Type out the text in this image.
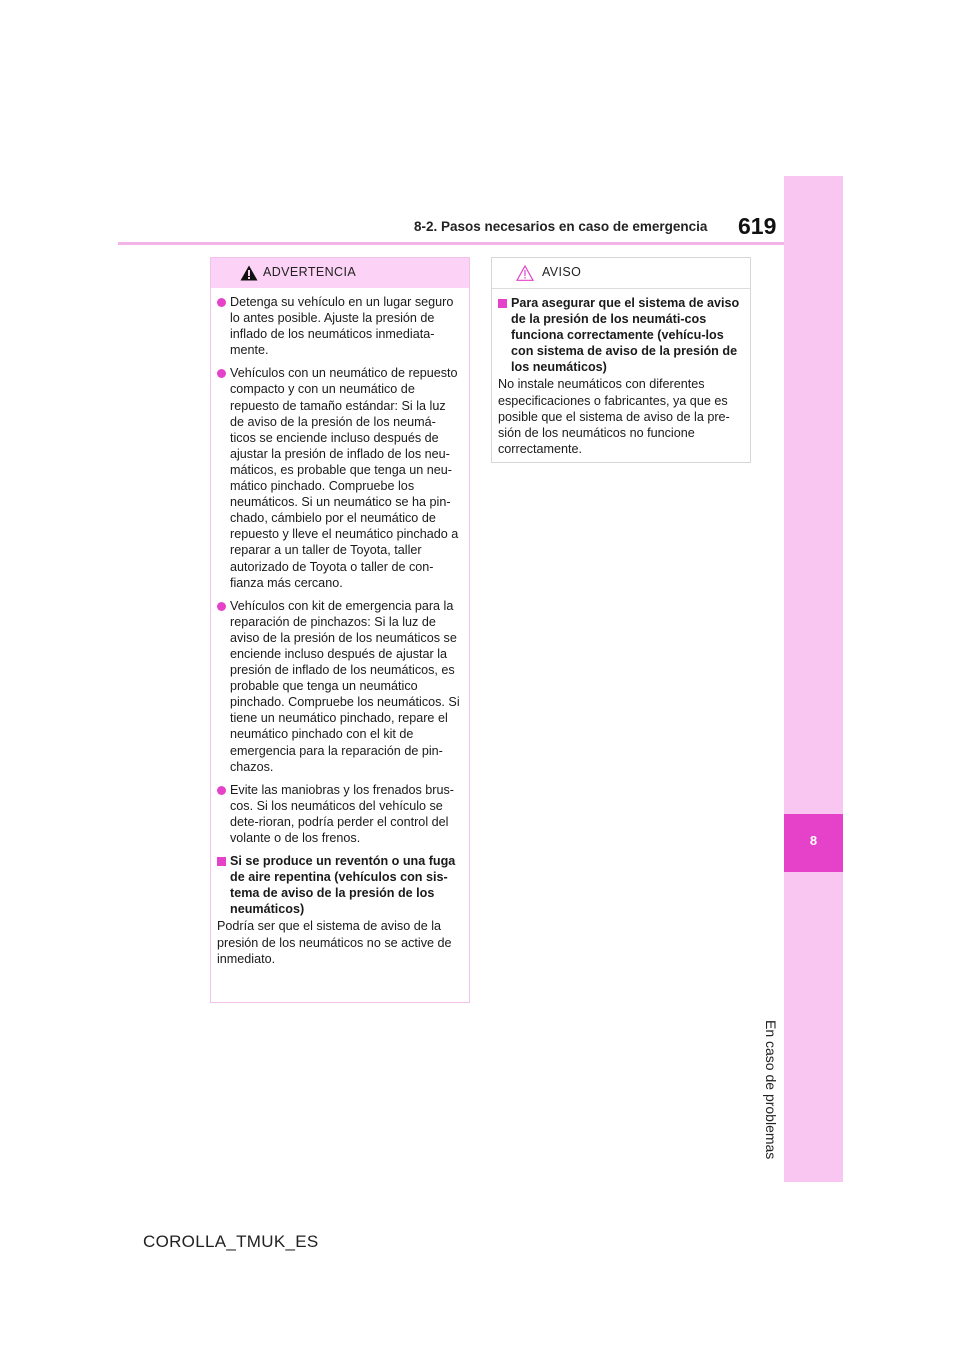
8-2. Pasos necesarios en caso de emergencia 619
8
En caso de problemas
ADVERTENCIA
Detenga su vehículo en un lugar seguro lo antes posible. Ajuste la presión de inflado de los neumáticos inmediata-mente.
Vehículos con un neumático de repuesto compacto y con un neumático de repuesto de tamaño estándar: Si la luz de aviso de la presión de los neumá-ticos se enciende incluso después de ajustar la presión de inflado de los neu-máticos, es probable que tenga un neu-mático pinchado. Compruebe los neumáticos. Si un neumático se ha pin-chado, cámbielo por el neumático de repuesto y lleve el neumático pinchado a reparar a un taller de Toyota, taller autorizado de Toyota o taller de con-fianza más cercano.
Vehículos con kit de emergencia para la reparación de pinchazos: Si la luz de aviso de la presión de los neumáticos se enciende incluso después de ajustar la presión de inflado de los neumáticos, es probable que tenga un neumático pinchado. Compruebe los neumáticos. Si tiene un neumático pinchado, repare el neumático pinchado con el kit de emergencia para la reparación de pin-chazos.
Evite las maniobras y los frenados brus-cos. Si los neumáticos del vehículo se dete-rioran, podría perder el control del volante o de los frenos.
Si se produce un reventón o una fuga de aire repentina (vehículos con sis-tema de aviso de la presión de los neumáticos)
Podría ser que el sistema de aviso de la presión de los neumáticos no se active de inmediato.
AVISO
Para asegurar que el sistema de aviso de la presión de los neumáti-cos funciona correctamente (vehícu-los con sistema de aviso de la presión de los neumáticos)
No instale neumáticos con diferentes especificaciones o fabricantes, ya que es posible que el sistema de aviso de la pre-sión de los neumáticos no funcione correctamente.
COROLLA_TMUK_ES
